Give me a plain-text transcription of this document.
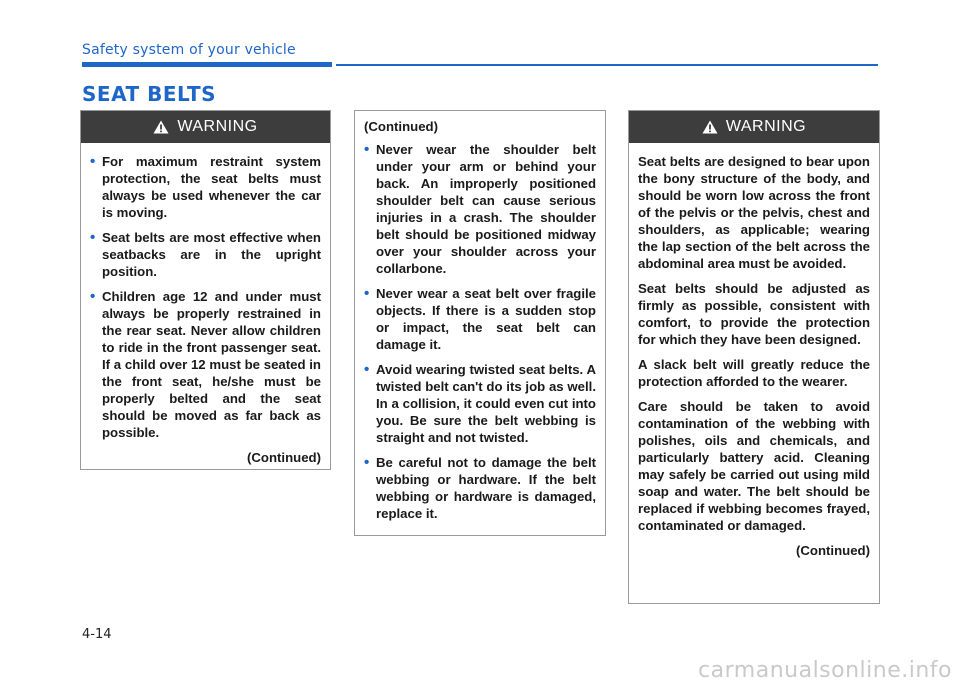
Safety system of your vehicle
SEAT BELTS
WARNING
• For maximum restraint system protection, the seat belts must always be used whenever the car is moving.
• Seat belts are most effective when seatbacks are in the upright position.
• Children age 12 and under must always be properly restrained in the rear seat. Never allow children to ride in the front passenger seat. If a child over 12 must be seated in the front seat, he/she must be properly belted and the seat should be moved as far back as possible.
(Continued)

(Continued)

• Never wear the shoulder belt under your arm or behind your back. An improperly positioned shoulder belt can cause serious injuries in a crash. The shoulder belt should be positioned midway over your shoulder across your collarbone.
• Never wear a seat belt over fragile objects. If there is a sudden stop or impact, the seat belt can damage it.
• Avoid wearing twisted seat belts. A twisted belt can't do its job as well. In a collision, it could even cut into you. Be sure the belt webbing is straight and not twisted.
• Be careful not to damage the belt webbing or hardware. If the belt webbing or hardware is damaged, replace it.
WARNING

Seat belts are designed to bear upon the bony structure of the body, and should be worn low across the front of the pelvis or the pelvis, chest and shoulders, as applicable; wearing the lap section of the belt across the abdominal area must be avoided.

Seat belts should be adjusted as firmly as possible, consistent with comfort, to provide the protection for which they have been designed.

A slack belt will greatly reduce the protection afforded to the wearer.

Care should be taken to avoid contamination of the webbing with polishes, oils and chemicals, and particularly battery acid. Cleaning may safely be carried out using mild soap and water. The belt should be replaced if webbing becomes frayed, contaminated or damaged.

(Continued)
4-14
carmanualsonline.info
